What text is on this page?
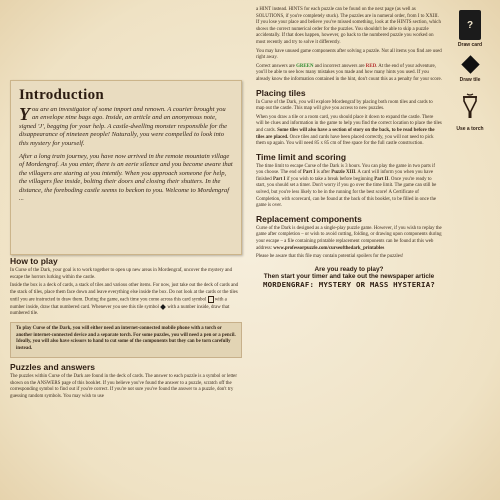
Introduction

You are an investigator of some import and renown. A courier brought you an envelope nine bags ago. Inside, an article and an anonymous note, signed 'J', begging for your help. A castle-dwelling monster responsible for the disappearance of nineteen people! Naturally, you were compelled to look into this mystery for yourself.

After a long train journey, you have now arrived in the remote mountain village of Mordengraf. As you enter, there is an eerie silence and you become aware that the villagers are staring at you intently. When you approach someone for help, the villagers flee inside, bolting their doors and closing their shutters. In the distance, the foreboding castle seems to beckon to you. Welcome to Mordengraf ...

How to play

In Curse of the Dark, your goal is to work together to open up new areas in Mordengraf, uncover the mystery and escape the horrors lurking within the castle.

Inside the box is a deck of cards, a stack of tiles and various other items. For now, just take out the deck of cards and the stack of tiles, place them face down and leave everything else inside the box. Do not look at the cards or the tiles until you are instructed to draw them. During the game, each time you come across this card symbol with a number inside, draw that numbered card. Whenever you see this tile symbol with a number inside, draw that numbered tile.

To play Curse of the Dark, you will either need an internet-connected mobile phone with a torch or another internet-connected device and a separate torch. For some puzzles, you will need a pen or a pencil. Ideally, you will also have scissors to hand to cut some of the components but they can be torn carefully instead.

Puzzles and answers

The puzzles within Curse of the Dark are found in the deck of cards. The answer to each puzzle is a symbol or letter shown on the ANSWERS page of this booklet. If you believe you've found the answer to a puzzle, scratch off the corresponding symbol to find out if you're correct. If you're not sure you've found the answer to a puzzle, don't try guessing random symbols. You may wish to use

a HINT instead. HINTS for each puzzle can be found on the next page (as well as SOLUTIONS, if you're completely stuck). The puzzles are in numeral order, from I to XXIII. If you lose your place and believe you've missed something, look at the HINTS section, which shows the correct numerical order for the puzzles. You shouldn't be able to skip a puzzle accidentally. If that does happen, however, go back to the numbered puzzle you worked on most recently and try to solve it differently.

You may have unused game components after solving a puzzle. Not all items you find are used right away.

Correct answers are GREEN and incorrect answers are RED. At the end of your adventure, you'll be able to see how many mistakes you made and how many hints you used. If you already know the information contained in the hint, don't count this as a penalty for your score.

Placing tiles

In Curse of the Dark, you will explore Mordengraf by placing both room tiles and cards to map out the castle. This map will give you access to new puzzles.

When you draw a tile or a room card, you should place it down to expand the castle. There will be clues and information in the game to help you find the correct location to place the tiles and cards. Some tiles will also have a section of story on the back, to be read before the tiles are placed. Once tiles and cards have been placed correctly, you will not need to pick them up again. You will need 85 x 85 cm of free space for the full castle construction.

Time limit and scoring

The time limit to escape Curse of the Dark is 3 hours. You can play the game in two parts if you choose. The end of Part I is after Puzzle XIII. A card will inform you when you have finished Part I if you wish to take a break before beginning Part II. Once you're ready to start, you should set a timer. Don't worry if you go over the time limit. The game can still be solved, but you're less likely to be in the running for the best score! A Certificate of Completion, with scorecard, can be found at the back of this booklet, to be filled in once the game is over.

Replacement components

Curse of the Dark is designed as a single-play puzzle game. However, if you wish to replay the game after completion – or wish to avoid cutting, folding, or drawing upon components during your escape – a file containing printable replacement components can be found at this web address: www.professorpuzzle.com/curseofthedark_printables

Please be aware that this file may contain potential spoilers for the puzzles!

Are you ready to play?

Then start your timer and take out the newspaper article

MORDENGRAF: MYSTERY OR MASS HYSTERIA?

?
Draw card
Draw tile
Use a torch
